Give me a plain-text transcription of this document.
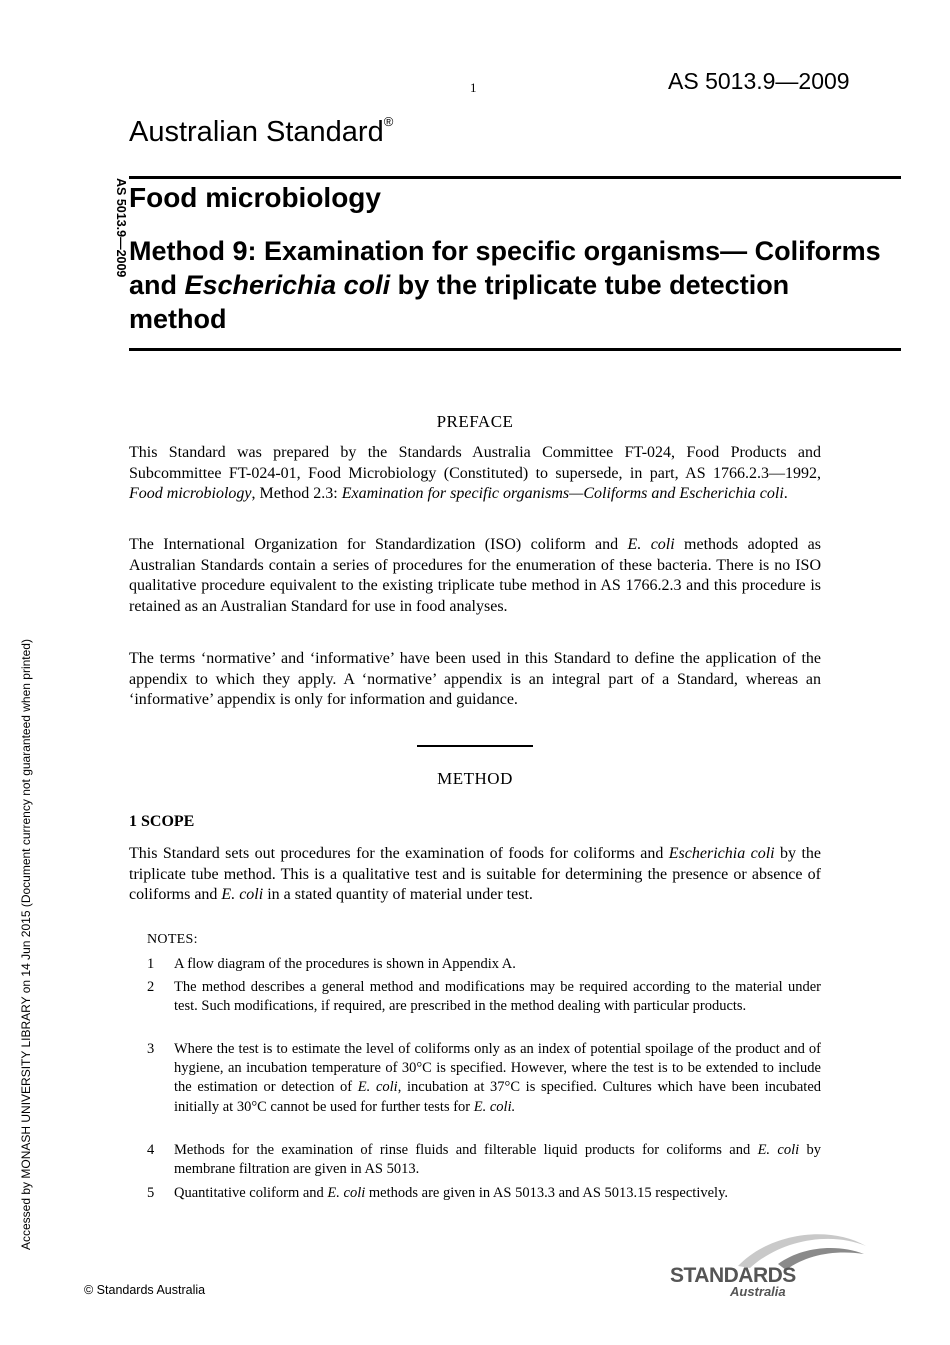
1	AS 5013.9—2009
AS 5013.9—2009
Accessed by MONASH UNIVERSITY LIBRARY on 14 Jun 2015 (Document currency not guaranteed when printed)
Australian Standard®
Food microbiology
Method 9: Examination for specific organisms— Coliforms and Escherichia coli by the triplicate tube detection method
PREFACE

This Standard was prepared by the Standards Australia Committee FT-024, Food Products and Subcommittee FT-024-01, Food Microbiology (Constituted) to supersede, in part, AS 1766.2.3—1992, Food microbiology, Method 2.3: Examination for specific organisms—Coliforms and Escherichia coli.

The International Organization for Standardization (ISO) coliform and E. coli methods adopted as Australian Standards contain a series of procedures for the enumeration of these bacteria. There is no ISO qualitative procedure equivalent to the existing triplicate tube method in AS 1766.2.3 and this procedure is retained as an Australian Standard for use in food analyses.

The terms ‘normative’ and ‘informative’ have been used in this Standard to define the application of the appendix to which they apply. A ‘normative’ appendix is an integral part of a Standard, whereas an ‘informative’ appendix is only for information and guidance.

METHOD
1 SCOPE

This Standard sets out procedures for the examination of foods for coliforms and Escherichia coli by the triplicate tube method. This is a qualitative test and is suitable for determining the presence or absence of coliforms and E. coli in a stated quantity of material under test.

NOTES:
1 A flow diagram of the procedures is shown in Appendix A.
2 The method describes a general method and modifications may be required according to the material under test. Such modifications, if required, are prescribed in the method dealing with particular products.
3 Where the test is to estimate the level of coliforms only as an index of potential spoilage of the product and of hygiene, an incubation temperature of 30°C is specified. However, where the test is to be extended to include the estimation or detection of E. coli, incubation at 37°C is specified. Cultures which have been incubated initially at 30°C cannot be used for further tests for E. coli.
4 Methods for the examination of rinse fluids and filterable liquid products for coliforms and E. coli by membrane filtration are given in AS 5013.
5 Quantitative coliform and E. coli methods are given in AS 5013.3 and AS 5013.15 respectively.
© Standards Australia
STANDARDS
Australia
